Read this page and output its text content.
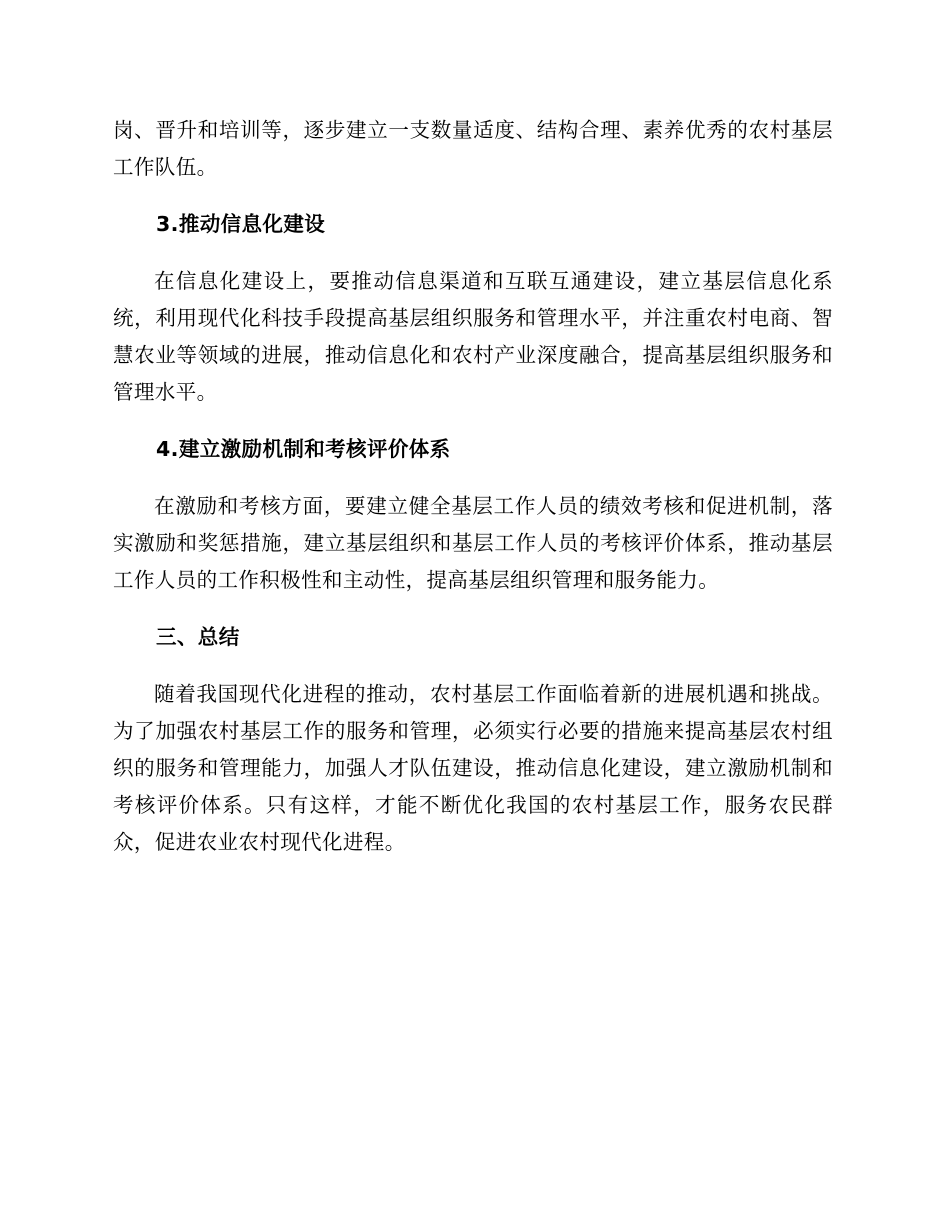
岗、晋升和培训等，逐步建立一支数量适度、结构合理、素养优秀的农村基层工作队伍。

3.推动信息化建设

在信息化建设上，要推动信息渠道和互联互通建设，建立基层信息化系统，利用现代化科技手段提高基层组织服务和管理水平，并注重农村电商、智慧农业等领域的进展，推动信息化和农村产业深度融合，提高基层组织服务和管理水平。

4.建立激励机制和考核评价体系

在激励和考核方面，要建立健全基层工作人员的绩效考核和促进机制，落实激励和奖惩措施，建立基层组织和基层工作人员的考核评价体系，推动基层工作人员的工作积极性和主动性，提高基层组织管理和服务能力。

三、总结

随着我国现代化进程的推动，农村基层工作面临着新的进展机遇和挑战。为了加强农村基层工作的服务和管理，必须实行必要的措施来提高基层农村组织的服务和管理能力，加强人才队伍建设，推动信息化建设，建立激励机制和考核评价体系。只有这样，才能不断优化我国的农村基层工作，服务农民群众，促进农业农村现代化进程。
